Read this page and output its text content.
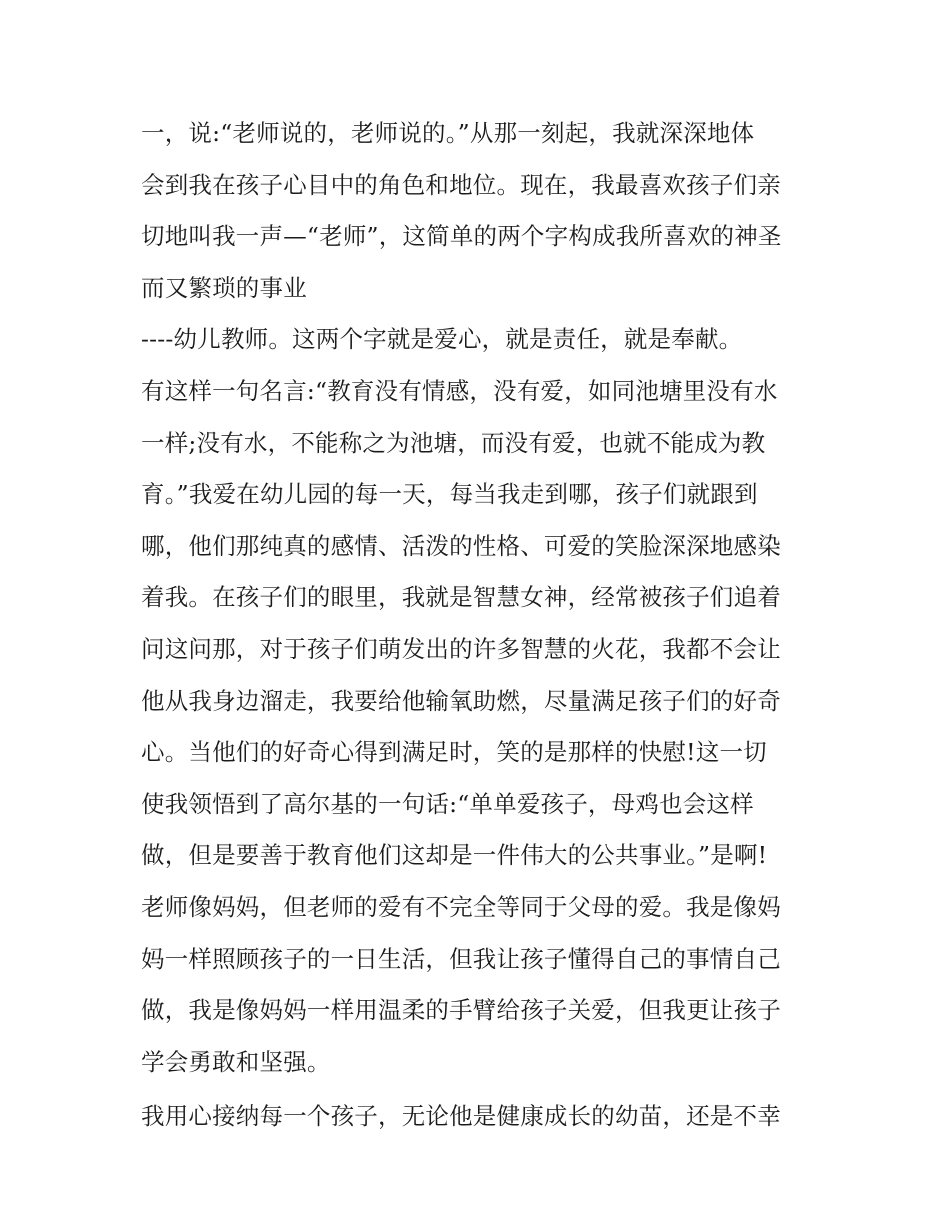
一，说:“老师说的，老师说的。”从那一刻起，我就深深地体
会到我在孩子心目中的角色和地位。现在，我最喜欢孩子们亲
切地叫我一声—“老师”，这简单的两个字构成我所喜欢的神圣
而又繁琐的事业
----幼儿教师。这两个字就是爱心，就是责任，就是奉献。
有这样一句名言:“教育没有情感，没有爱，如同池塘里没有水
一样;没有水，不能称之为池塘，而没有爱，也就不能成为教
育。”我爱在幼儿园的每一天，每当我走到哪，孩子们就跟到
哪，他们那纯真的感情、活泼的性格、可爱的笑脸深深地感染
着我。在孩子们的眼里，我就是智慧女神，经常被孩子们追着
问这问那，对于孩子们萌发出的许多智慧的火花，我都不会让
他从我身边溜走，我要给他输氧助燃，尽量满足孩子们的好奇
心。当他们的好奇心得到满足时，笑的是那样的快慰!这一切
使我领悟到了高尔基的一句话:“单单爱孩子，母鸡也会这样
做，但是要善于教育他们这却是一件伟大的公共事业。”是啊!
老师像妈妈，但老师的爱有不完全等同于父母的爱。我是像妈
妈一样照顾孩子的一日生活，但我让孩子懂得自己的事情自己
做，我是像妈妈一样用温柔的手臂给孩子关爱，但我更让孩子
学会勇敢和坚强。
我用心接纳每一个孩子，无论他是健康成长的幼苗，还是不幸
